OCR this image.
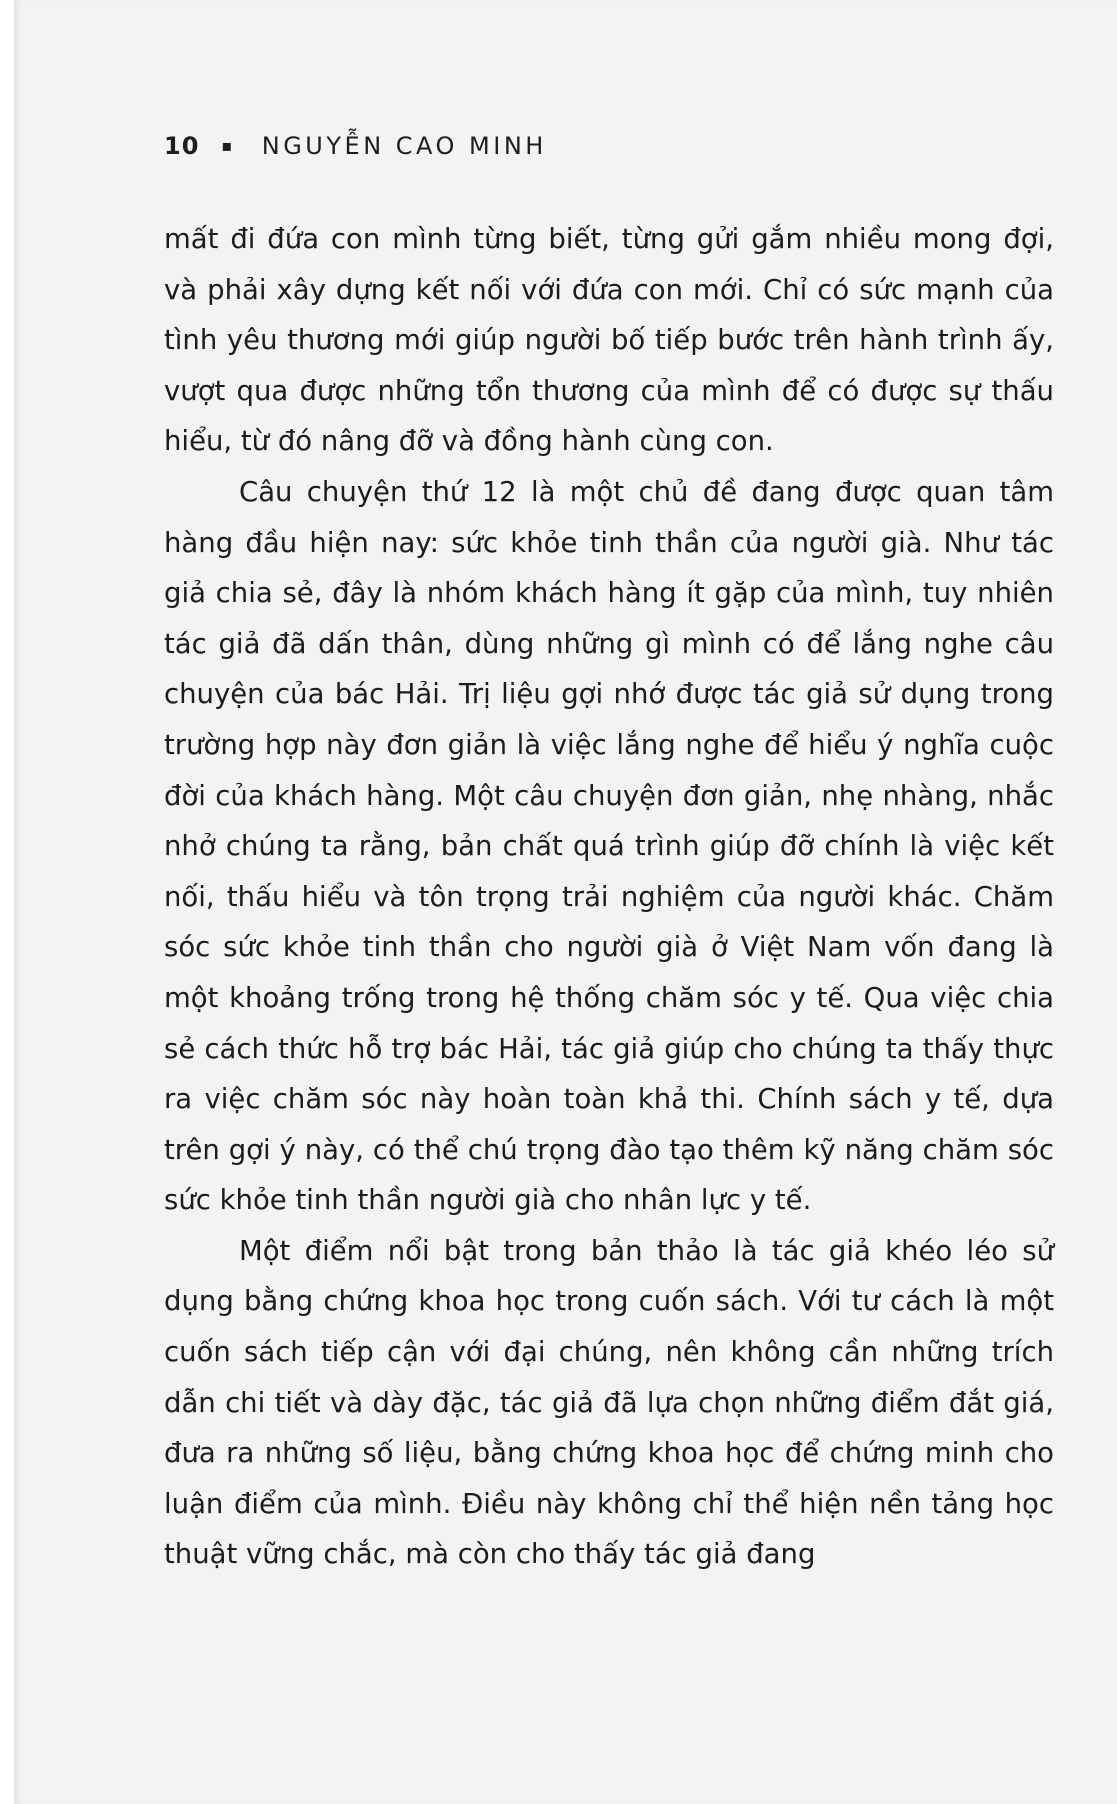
10 ▪ NGUYỄN CAO MINH

mất đi đứa con mình từng biết, từng gửi gắm nhiều mong đợi, và phải xây dựng kết nối với đứa con mới. Chỉ có sức mạnh của tình yêu thương mới giúp người bố tiếp bước trên hành trình ấy, vượt qua được những tổn thương của mình để có được sự thấu hiểu, từ đó nâng đỡ và đồng hành cùng con.

Câu chuyện thứ 12 là một chủ đề đang được quan tâm hàng đầu hiện nay: sức khỏe tinh thần của người già. Như tác giả chia sẻ, đây là nhóm khách hàng ít gặp của mình, tuy nhiên tác giả đã dấn thân, dùng những gì mình có để lắng nghe câu chuyện của bác Hải. Trị liệu gợi nhớ được tác giả sử dụng trong trường hợp này đơn giản là việc lắng nghe để hiểu ý nghĩa cuộc đời của khách hàng. Một câu chuyện đơn giản, nhẹ nhàng, nhắc nhở chúng ta rằng, bản chất quá trình giúp đỡ chính là việc kết nối, thấu hiểu và tôn trọng trải nghiệm của người khác. Chăm sóc sức khỏe tinh thần cho người già ở Việt Nam vốn đang là một khoảng trống trong hệ thống chăm sóc y tế. Qua việc chia sẻ cách thức hỗ trợ bác Hải, tác giả giúp cho chúng ta thấy thực ra việc chăm sóc này hoàn toàn khả thi. Chính sách y tế, dựa trên gợi ý này, có thể chú trọng đào tạo thêm kỹ năng chăm sóc sức khỏe tinh thần người già cho nhân lực y tế.

Một điểm nổi bật trong bản thảo là tác giả khéo léo sử dụng bằng chứng khoa học trong cuốn sách. Với tư cách là một cuốn sách tiếp cận với đại chúng, nên không cần những trích dẫn chi tiết và dày đặc, tác giả đã lựa chọn những điểm đắt giá, đưa ra những số liệu, bằng chứng khoa học để chứng minh cho luận điểm của mình. Điều này không chỉ thể hiện nền tảng học thuật vững chắc, mà còn cho thấy tác giả đang
